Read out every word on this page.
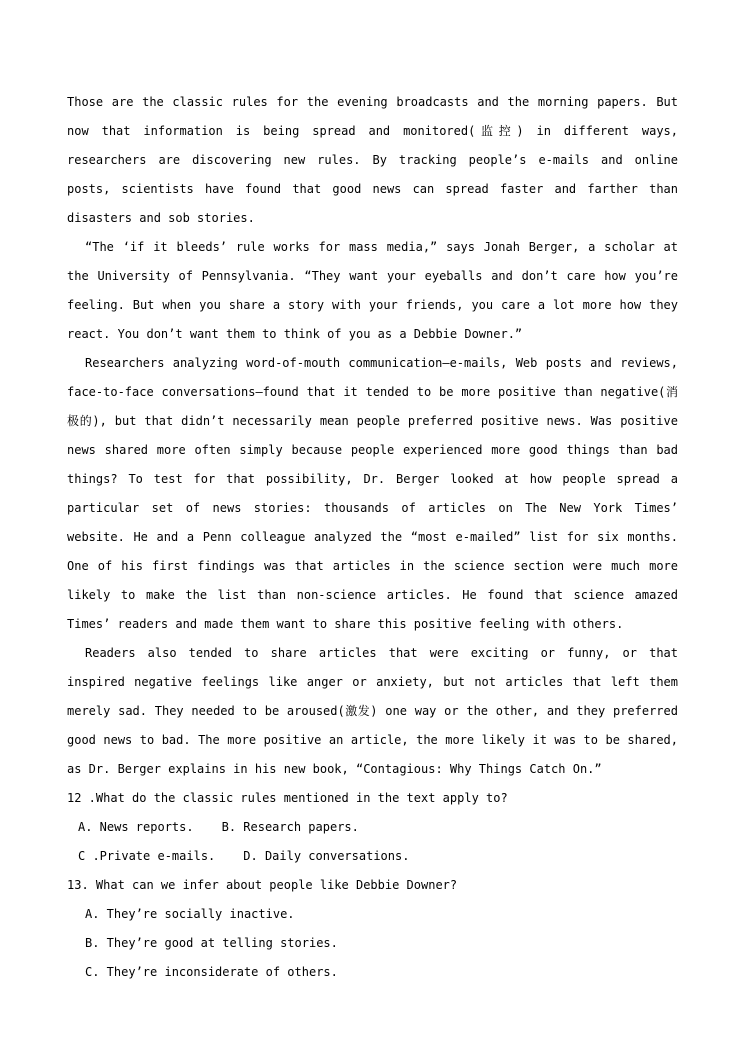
Those are the classic rules for the evening broadcasts and the morning papers. But now that information is being spread and monitored(监控) in different ways, researchers are discovering new rules. By tracking people’s e-mails and online posts, scientists have found that good news can spread faster and farther than disasters and sob stories.

“The ‘if it bleeds’ rule works for mass media,” says Jonah Berger, a scholar at the University of Pennsylvania. “They want your eyeballs and don’t care how you’re feeling. But when you share a story with your friends, you care a lot more how they react. You don’t want them to think of you as a Debbie Downer.”

Researchers analyzing word-of-mouth communication—e-mails, Web posts and reviews, face-to-face conversations—found that it tended to be more positive than negative(消极的), but that didn’t necessarily mean people preferred positive news. Was positive news shared more often simply because people experienced more good things than bad things? To test for that possibility, Dr. Berger looked at how people spread a particular set of news stories: thousands of articles on The New York Times’ website. He and a Penn colleague analyzed the “most e-mailed” list for six months. One of his first findings was that articles in the science section were much more likely to make the list than non-science articles. He found that science amazed Times’ readers and made them want to share this positive feeling with others.

Readers also tended to share articles that were exciting or funny, or that inspired negative feelings like anger or anxiety, but not articles that left them merely sad. They needed to be aroused(激发) one way or the other, and they preferred good news to bad. The more positive an article, the more likely it was to be shared, as Dr. Berger explains in his new book, “Contagious: Why Things Catch On.”

12 .What do the classic rules mentioned in the text apply to?

A. News reports. B. Research papers.

C .Private e-mails. D. Daily conversations.

13. What can we infer about people like Debbie Downer?

A. They’re socially inactive.

B. They’re good at telling stories.

C. They’re inconsiderate of others.
